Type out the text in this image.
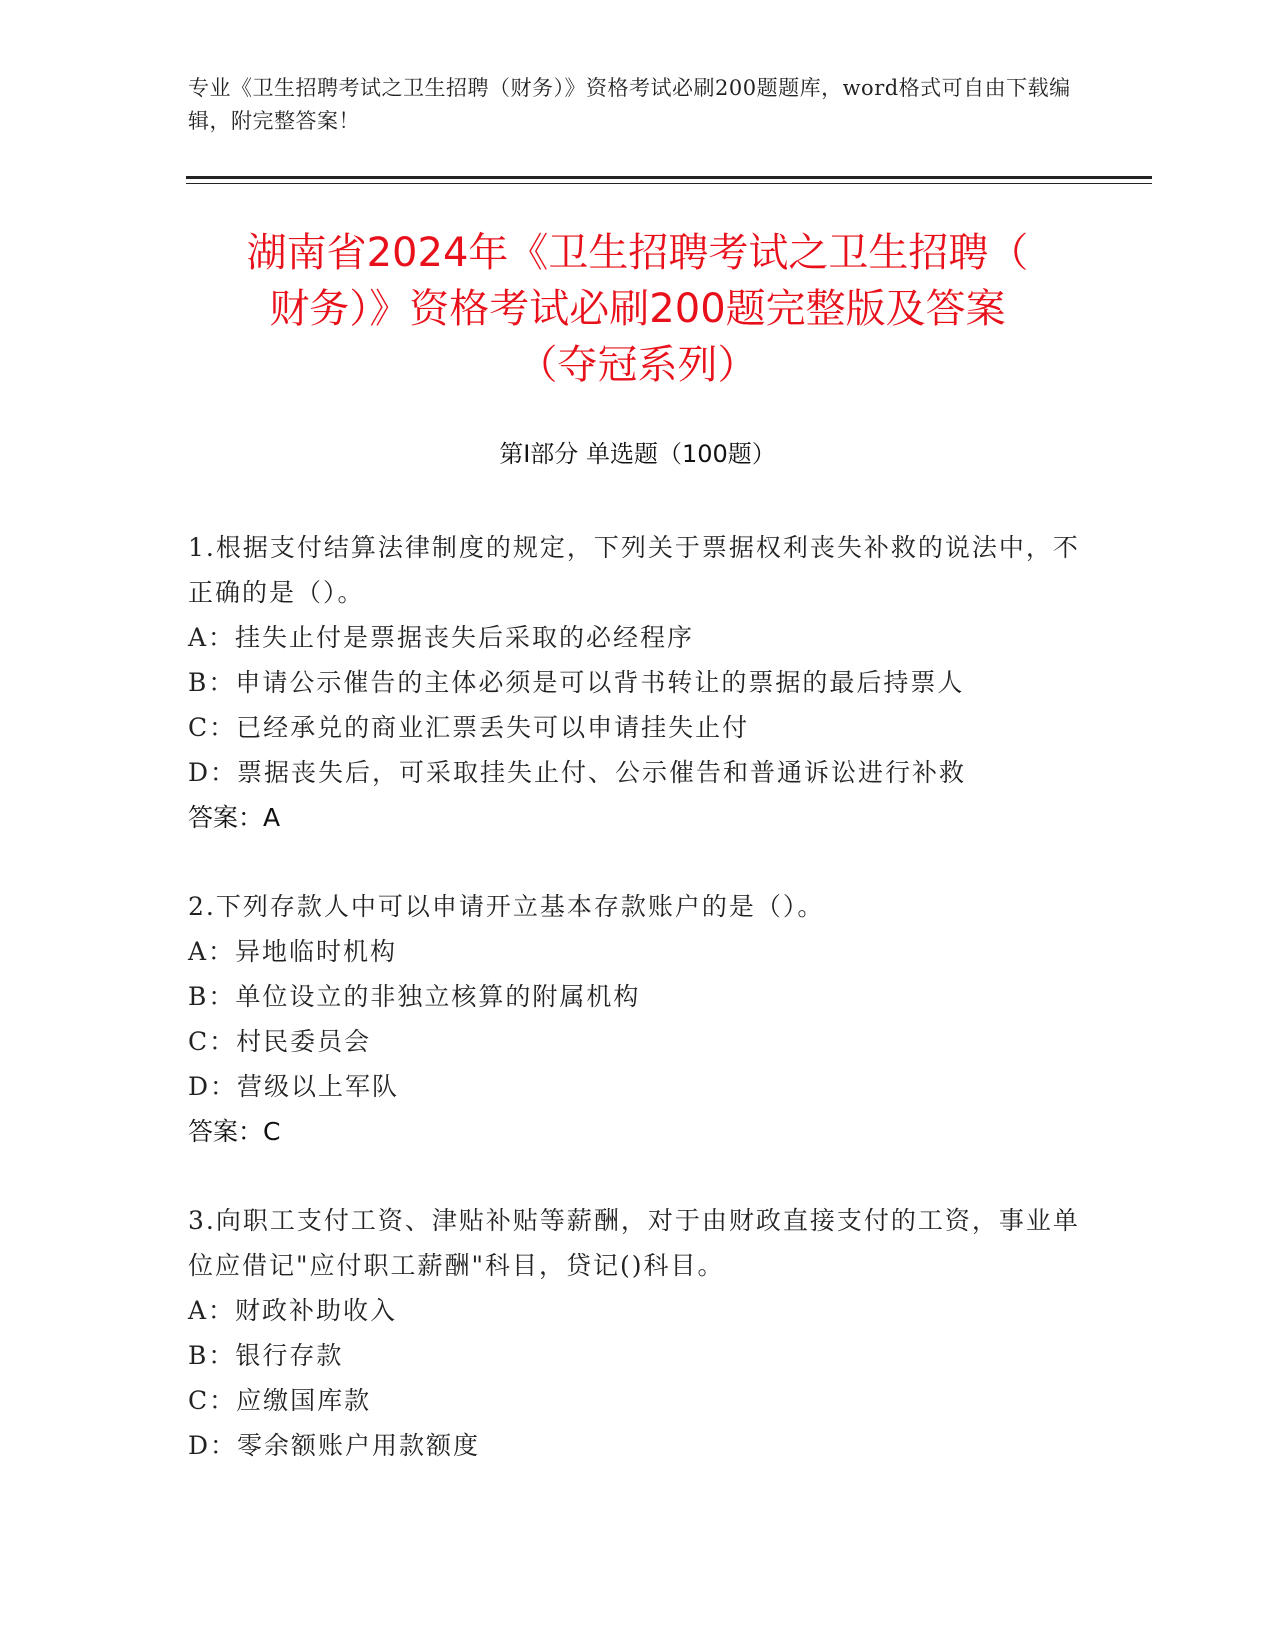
专业《卫生招聘考试之卫生招聘（财务）》资格考试必刷200题题库，word格式可自由下载编辑，附完整答案！
湖南省2024年《卫生招聘考试之卫生招聘（
财务）》资格考试必刷200题完整版及答案
（夺冠系列）
第Ⅰ部分 单选题（100题）

1.根据支付结算法律制度的规定，下列关于票据权利丧失补救的说法中，不正确的是（）。

A：挂失止付是票据丧失后采取的必经程序

B：申请公示催告的主体必须是可以背书转让的票据的最后持票人

C：已经承兑的商业汇票丢失可以申请挂失止付

D：票据丧失后，可采取挂失止付、公示催告和普通诉讼进行补救

答案：A

2.下列存款人中可以申请开立基本存款账户的是（）。

A：异地临时机构

B：单位设立的非独立核算的附属机构

C：村民委员会

D：营级以上军队

答案：C

3.向职工支付工资、津贴补贴等薪酬，对于由财政直接支付的工资，事业单位应借记"应付职工薪酬"科目，贷记()科目。

A：财政补助收入

B：银行存款

C：应缴国库款

D：零余额账户用款额度
